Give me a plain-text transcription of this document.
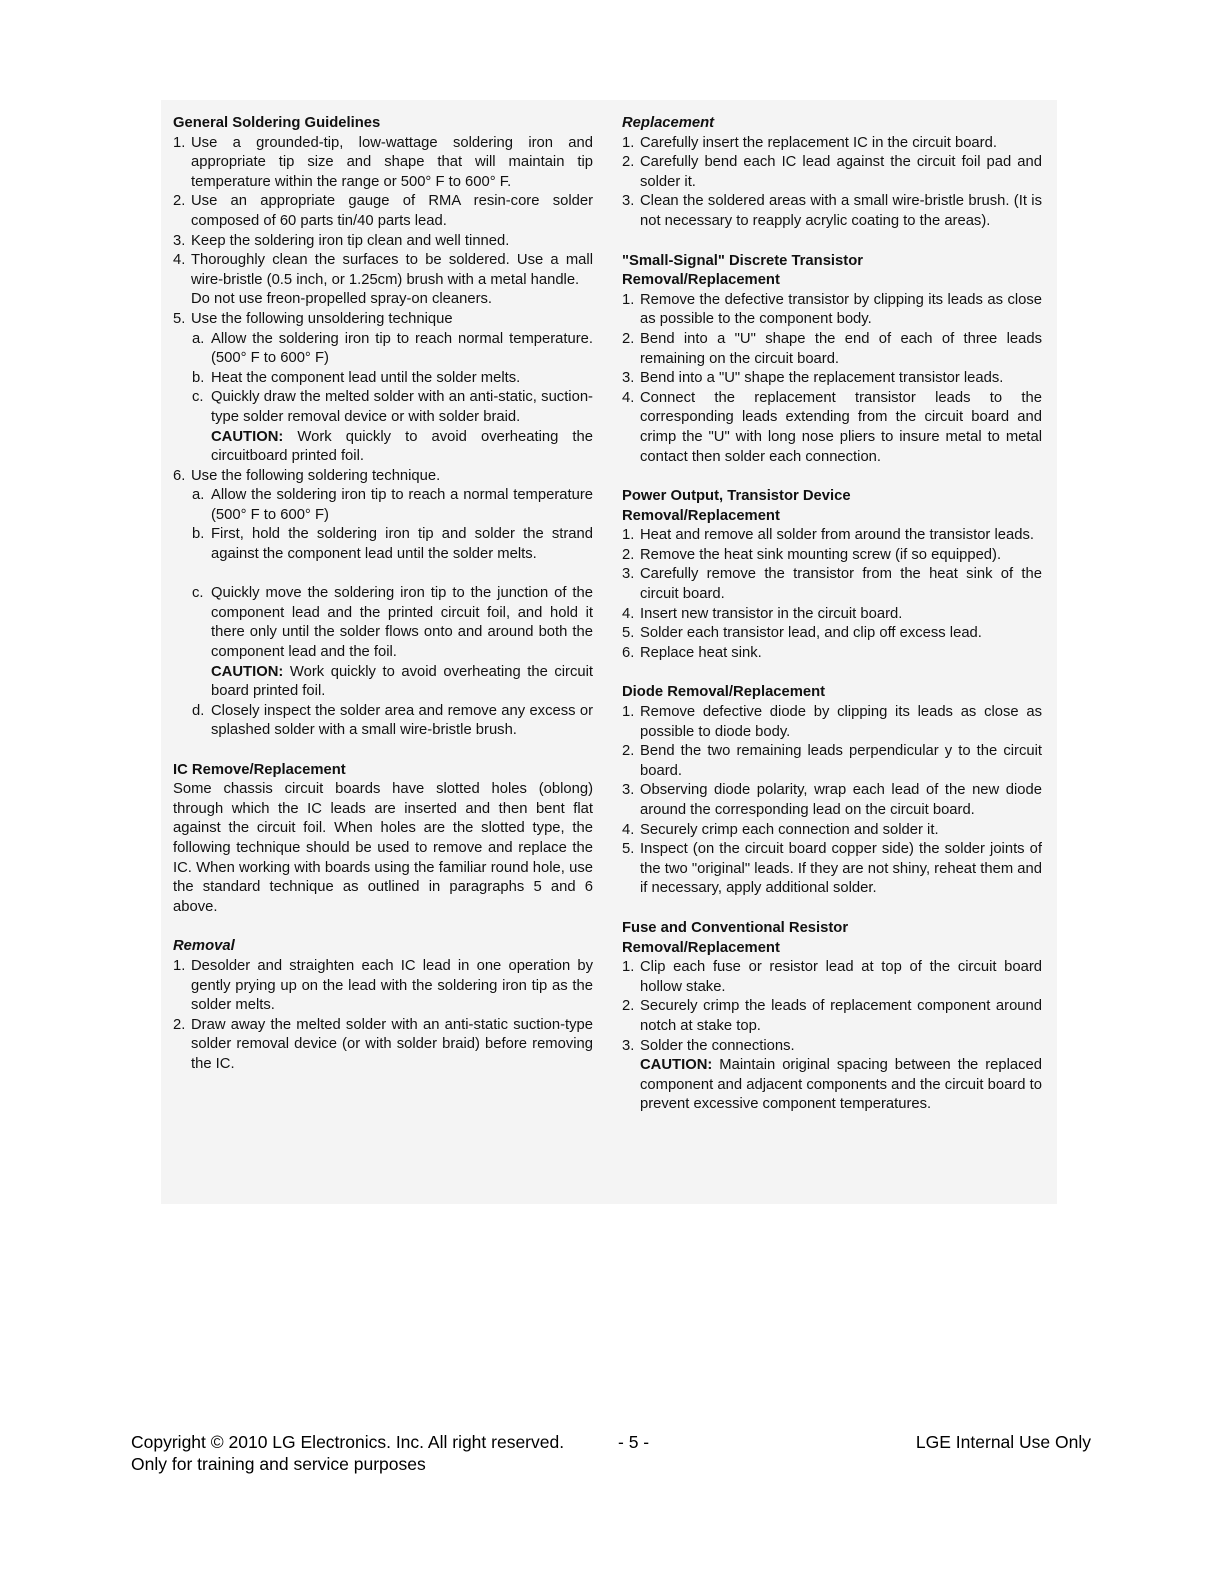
General Soldering Guidelines
1. Use a grounded-tip, low-wattage soldering iron and appropriate tip size and shape that will maintain tip temperature within the range or 500° F to 600° F.
2. Use an appropriate gauge of RMA resin-core solder composed of 60 parts tin/40 parts lead.
3. Keep the soldering iron tip clean and well tinned.
4. Thoroughly clean the surfaces to be soldered. Use a mall wire-bristle (0.5 inch, or 1.25cm) brush with a metal handle.
Do not use freon-propelled spray-on cleaners.
5. Use the following unsoldering technique
a. Allow the soldering iron tip to reach normal temperature. (500° F to 600° F)
b. Heat the component lead until the solder melts.
c. Quickly draw the melted solder with an anti-static, suction-type solder removal device or with solder braid.
CAUTION: Work quickly to avoid overheating the circuitboard printed foil.
6. Use the following soldering technique.
a. Allow the soldering iron tip to reach a normal temperature (500° F to 600° F)
b. First, hold the soldering iron tip and solder the strand against the component lead until the solder melts.
c. Quickly move the soldering iron tip to the junction of the component lead and the printed circuit foil, and hold it there only until the solder flows onto and around both the component lead and the foil.
CAUTION: Work quickly to avoid overheating the circuit board printed foil.
d. Closely inspect the solder area and remove any excess or splashed solder with a small wire-bristle brush.
IC Remove/Replacement
Some chassis circuit boards have slotted holes (oblong) through which the IC leads are inserted and then bent flat against the circuit foil. When holes are the slotted type, the following technique should be used to remove and replace the IC. When working with boards using the familiar round hole, use the standard technique as outlined in paragraphs 5 and 6 above.
Removal
1. Desolder and straighten each IC lead in one operation by gently prying up on the lead with the soldering iron tip as the solder melts.
2. Draw away the melted solder with an anti-static suction-type solder removal device (or with solder braid) before removing the IC.
Replacement
1. Carefully insert the replacement IC in the circuit board.
2. Carefully bend each IC lead against the circuit foil pad and solder it.
3. Clean the soldered areas with a small wire-bristle brush. (It is not necessary to reapply acrylic coating to the areas).
"Small-Signal" Discrete Transistor
Removal/Replacement
1. Remove the defective transistor by clipping its leads as close as possible to the component body.
2. Bend into a "U" shape the end of each of three leads remaining on the circuit board.
3. Bend into a "U" shape the replacement transistor leads.
4. Connect the replacement transistor leads to the corresponding leads extending from the circuit board and crimp the "U" with long nose pliers to insure metal to metal contact then solder each connection.
Power Output, Transistor Device
Removal/Replacement
1. Heat and remove all solder from around the transistor leads.
2. Remove the heat sink mounting screw (if so equipped).
3. Carefully remove the transistor from the heat sink of the circuit board.
4. Insert new transistor in the circuit board.
5. Solder each transistor lead, and clip off excess lead.
6. Replace heat sink.
Diode Removal/Replacement
1. Remove defective diode by clipping its leads as close as possible to diode body.
2. Bend the two remaining leads perpendicular y to the circuit board.
3. Observing diode polarity, wrap each lead of the new diode around the corresponding lead on the circuit board.
4. Securely crimp each connection and solder it.
5. Inspect (on the circuit board copper side) the solder joints of the two "original" leads. If they are not shiny, reheat them and if necessary, apply additional solder.
Fuse and Conventional Resistor
Removal/Replacement
1. Clip each fuse or resistor lead at top of the circuit board hollow stake.
2. Securely crimp the leads of replacement component around notch at stake top.
3. Solder the connections.
CAUTION: Maintain original spacing between the replaced component and adjacent components and the circuit board to prevent excessive component temperatures.
Copyright © 2010 LG Electronics. Inc. All right reserved.	- 5 -	LGE Internal Use Only
Only for training and service purposes
